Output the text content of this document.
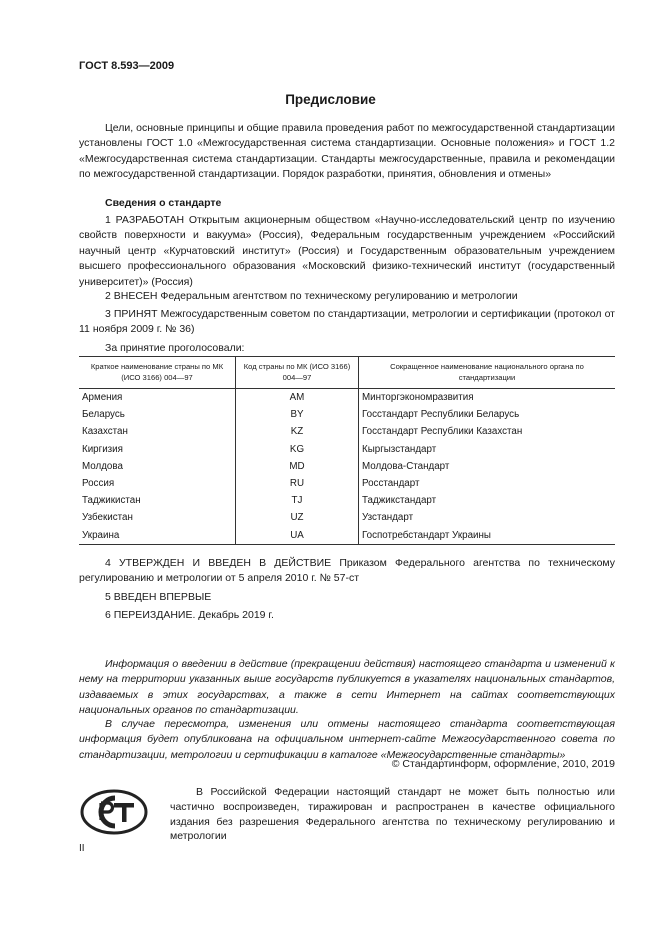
ГОСТ 8.593—2009
Предисловие
Цели, основные принципы и общие правила проведения работ по межгосударственной стандартизации установлены ГОСТ 1.0 «Межгосударственная система стандартизации. Основные положения» и ГОСТ 1.2 «Межгосударственная система стандартизации. Стандарты межгосударственные, правила и рекомендации по межгосударственной стандартизации. Порядок разработки, принятия, обновления и отмены»
Сведения о стандарте
1 РАЗРАБОТАН Открытым акционерным обществом «Научно-исследовательский центр по изучению свойств поверхности и вакуума» (Россия), Федеральным государственным учреждением «Российский научный центр «Курчатовский институт» (Россия) и Государственным образовательным учреждением высшего профессионального образования «Московский физико-технический институт (государственный университет)» (Россия)
2 ВНЕСЕН Федеральным агентством по техническому регулированию и метрологии
3 ПРИНЯТ Межгосударственным советом по стандартизации, метрологии и сертификации (протокол от 11 ноября 2009 г. № 36)
За принятие проголосовали:
Краткое наименование страны по МК (ИСО 3166) 004—97	Код страны по МК (ИСО 3166) 004—97	Сокращенное наименование национального органа по стандартизации
Армения	AM	Минторгэкономразвития
Беларусь	BY	Госстандарт Республики Беларусь
Казахстан	KZ	Госстандарт Республики Казахстан
Киргизия	KG	Кыргызстандарт
Молдова	MD	Молдова-Стандарт
Россия	RU	Росстандарт
Таджикистан	TJ	Таджикстандарт
Узбекистан	UZ	Узстандарт
Украина	UA	Госпотребстандарт Украины
4 УТВЕРЖДЕН И ВВЕДЕН В ДЕЙСТВИЕ Приказом Федерального агентства по техническому регулированию и метрологии от 5 апреля 2010 г. № 57-ст
5 ВВЕДЕН ВПЕРВЫЕ
6 ПЕРЕИЗДАНИЕ. Декабрь 2019 г.
Информация о введении в действие (прекращении действия) настоящего стандарта и изменений к нему на территории указанных выше государств публикуется в указателях национальных стандартов, издаваемых в этих государствах, а также в сети Интернет на сайтах соответствующих национальных органов по стандартизации.
В случае пересмотра, изменения или отмены настоящего стандарта соответствующая информация будет опубликована на официальном интернет-сайте Межгосударственного совета по стандартизации, метрологии и сертификации в каталоге «Межгосударственные стандарты»
© Стандартинформ, оформление, 2010, 2019
В Российской Федерации настоящий стандарт не может быть полностью или частично воспроизведен, тиражирован и распространен в качестве официального издания без разрешения Федерального агентства по техническому регулированию и метрологии
II
